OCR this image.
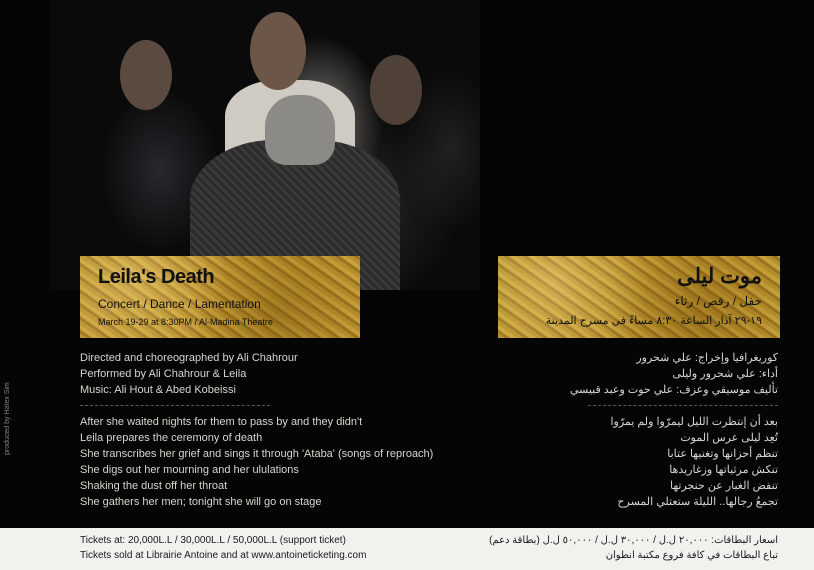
Leila's Death
Concert / Dance / Lamentation
March 19-29 at 8:30PM / Al-Madina Theatre
موت ليلى
حفل / رقص / رثاء
١٩-٢٩ آذار الساعة ٨:٣٠ مساءً في مسرح المدينة
Directed and choreographed by Ali Chahrour
Performed by Ali Chahrour & Leila
Music: Ali Hout & Abed Kobeissi
كوريغرافيا وإخراج: علي شحرور
أداء: علي شحرور وليلى
تأليف موسيقي وعزف: علي حوت وعبد قبيسي
After she waited nights for them to pass by and they didn't
Leila prepares the ceremony of death
She transcribes her grief and sings it through 'Ataba' (songs of reproach)
She digs out her mourning and her ululations
Shaking the dust off her throat
She gathers her men; tonight she will go on stage
بعد أن إنتظرت الليل ليمرّوا ولم يمرّوا
تُعِد ليلى عرس الموت
تنظم أحزانها وتغنيها عتابا
تنكش مرثياتها وزغاريدها
تنفض الغبار عن حنجرتها
تجمعُ رجالها.. الليلة ستعتلي المسرح
produced by Haïex Sim
Tickets at: 20,000L.L / 30,000L.L / 50,000L.L (support ticket)
Tickets sold at Librairie Antoine and at www.antoineticketing.com
اسعار البطاقات: ٢٠,٠٠٠ ل.ل / ٣٠,٠٠٠ ل.ل / ٥٠,٠٠٠ ل.ل (بطاقة دعم)
تباع البطاقات في كافة فروع مكتبة انطوان
